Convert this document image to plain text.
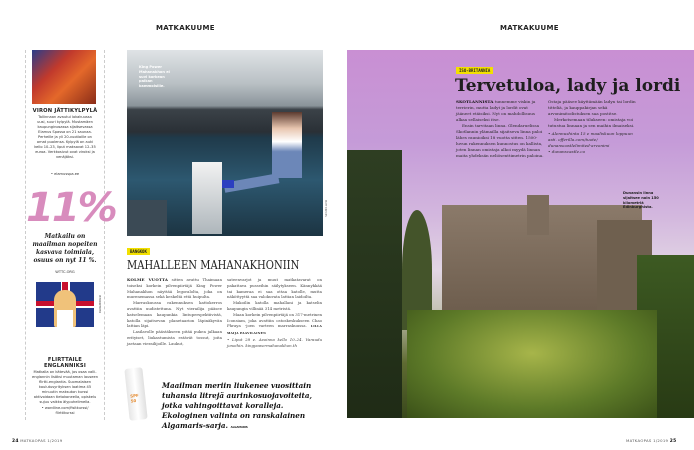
MATKAKUUME
VIRON JÄTTIKYLPYLÄ
Tallinnaan avautui lokakuussa uusi, suuri kylpylä. Mustamäen kaupunginosassa sijaitsevassa Elamus Spassa on 21 saunaa. Perheille ja yli 20-vuotiaille on omat puolensa. Kylpylä on auki kello 10–23, liput maksavat 12–35 euroa. Verkkosivut ovat viroksi ja venäjäksi.
• elamusspa.ee
11%
Matkailu on maailman nopeiten kasvava toimiala, osuus on nyt 11 %.
WTTC.ORG
ISTOCKPHOTO
FLIRTTAILE ENGLANNIKSI
Matkalla on kätevää, jos osaa valli-englannin lisäksi muutaman lauseen flirtti-englantia. Suomalaisen koulutusyrityksen laatima 45 minuutin maksuton kurssi aktivoidaan tietokoneella, opiskelu sujuu vaikka älypuhelimella.
• wordline.com/fisitkurssi/ flirttikurssi
King Power Mahanakhon ei suvi korkean paikan kammoisille.
MATT KREOPS
BANGKOK
MAHALLEEN MAHANAKHONIIN
KOLME VUOTTA sitten avattu Thaimaan toiseksi korkein pilvenpiirtäjä King Power Mahanakhon näyttää legoralolta, joka on murenemassa sekä keskeltä että huipulta.

Marraskuussa rakennuksen kattokerros avattiin uudistettuna. Nyt vierailija pääsee katselemaan kaupunkia lintuperspektiivistä, katolla sijaitsevan planetaarion läpinäkyvän lattian läpi.

Lasilavolle päästäkseen pitää pukea jalkaan erityiset, liukastumista estävät tossut, joita jaetaan vierailijoille. Laukut,

sateenvarjot ja muut matkatavarat on pakattava pusseihin säilytykseen. Kännykkää tai kameraa ei saa ottaa katolle, mutta näköttyyttä saa valokuvata lattian laidoilta.

Makoilin katolla mahallani ja katselin kaupungin villinää 314 metristä.

Maan korkein pilvenpiirtäjä on 317-metrinen Iconsiam, joka avattiin ostoskeskukseen Chao Phraya -joen varteen marraskuussa. LILLA MAIJA PAAVILAINEN

• Liput 28 e. Avoinna kello 10–24. Varaudu jonoihin. kingpowermahanakhon.th

SPF 50
Maailman meriin liukenee vuosittain tuhansia litrejä aurinkosuojavoiteita, jotka vahingoittavat koralleja. Ekologinen valinta on ranskalainen Algamaris-sarja. ALGAMARIS
24 MATKAOPAS 1/2019
MATKAKUUME
Dunansin linna sijaitsee noin 150 kilometriä Edinburghista.
ISO-BRITANNIA
Tervetuloa, lady ja lordi
SKOTLANNISTA tunnemme viskin ja terrierin, mutta ladyt ja lordit ovat jääneet etäisiksi. Nyt on mahdollisuus alkaa sellaiseksi itse.

Ensin tarvitaan linna. Glendaruelissa Skotlannin ylämailla sijaitseva linna paloi lähes raunioiksi 18 vuotta sitten. 1500-luvun rakennuksen kunnostus on kallista, joten linnan omistaja alkoi myydä linnan maita yhdeksän neliösenttimetrin paloina.

Ostaja pääsee käyttämään ladyn tai lordin titteliä, ja kauppakirjan sekä arvonimitodistuksen saa postitse.

Merkotsemaan tilukseen: omistaja voi tutustua linnaan ja sen maihin ilmaiseksi.

• Alennushinta 15 e maaliskuun loppuun asti. offerilla.com/tuote/ dunanscastlelimited-arvonimi

• dunanscastle.co

MATKAOPAS 1/2019 25
